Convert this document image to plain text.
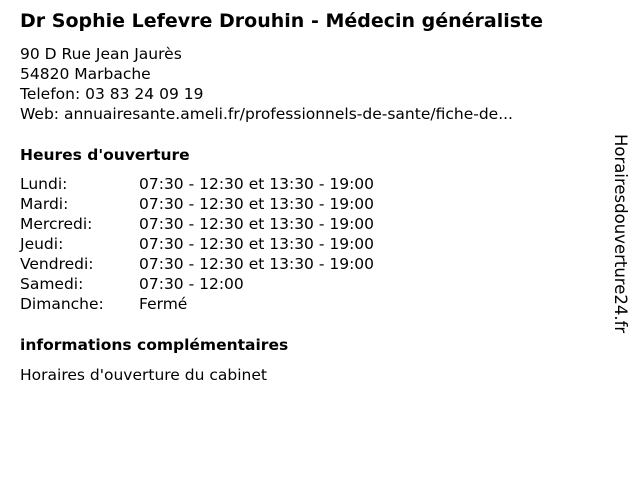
Dr Sophie Lefevre Drouhin - Médecin généraliste
90 D Rue Jean Jaurès
54820 Marbache
Telefon: 03 83 24 09 19
Web: annuairesante.ameli.fr/professionnels-de-sante/fiche-de...
Heures d'ouverture
Lundi:	07:30 - 12:30 et 13:30 - 19:00
Mardi:	07:30 - 12:30 et 13:30 - 19:00
Mercredi:	07:30 - 12:30 et 13:30 - 19:00
Jeudi:	07:30 - 12:30 et 13:30 - 19:00
Vendredi:	07:30 - 12:30 et 13:30 - 19:00
Samedi:	07:30 - 12:00
Dimanche: Fermé
informations complémentaires
Horaires d'ouverture du cabinet
Horairesdouverture24.fr
